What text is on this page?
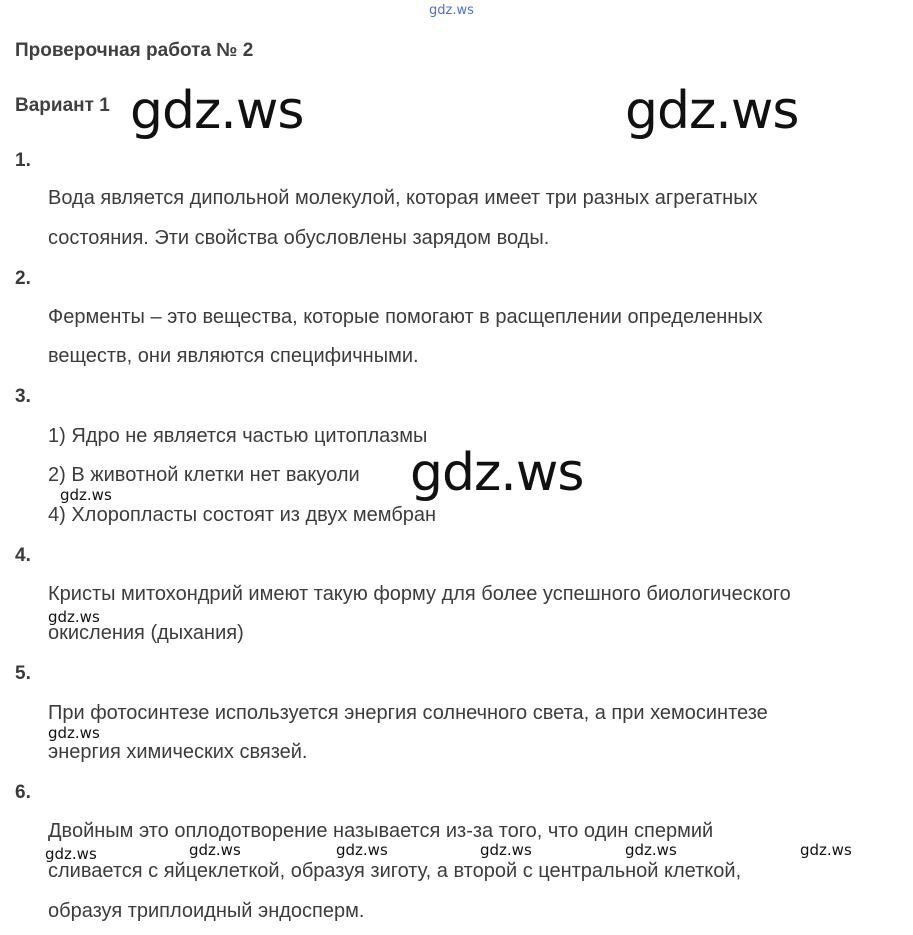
gdz.ws
Проверочная работа № 2
Вариант 1
1.
Вода является дипольной молекулой, которая имеет три разных агрегатных
состояния. Эти свойства обусловлены зарядом воды.
2.
Ферменты – это вещества, которые помогают в расщеплении определенных
веществ, они являются специфичными.
3.
1) Ядро не является частью цитоплазмы
2) В животной клетки нет вакуоли
4) Хлоропласты состоят из двух мембран
4.
Кристы митохондрий имеют такую форму для более успешного биологического
окисления (дыхания)
5.
При фотосинтезе используется энергия солнечного света, а при хемосинтезе
энергия химических связей.
6.
Двойным это оплодотворение называется из-за того, что один спермий
сливается с яйцеклеткой, образуя зиготу, а второй с центральной клеткой,
образуя триплоидный эндосперм.
gdz.ws	gdz.ws
gdz.ws
gdz.ws
gdz.ws
gdz.ws
gdz.ws	gdz.ws	gdz.ws	gdz.ws	gdz.ws	gdz.ws
